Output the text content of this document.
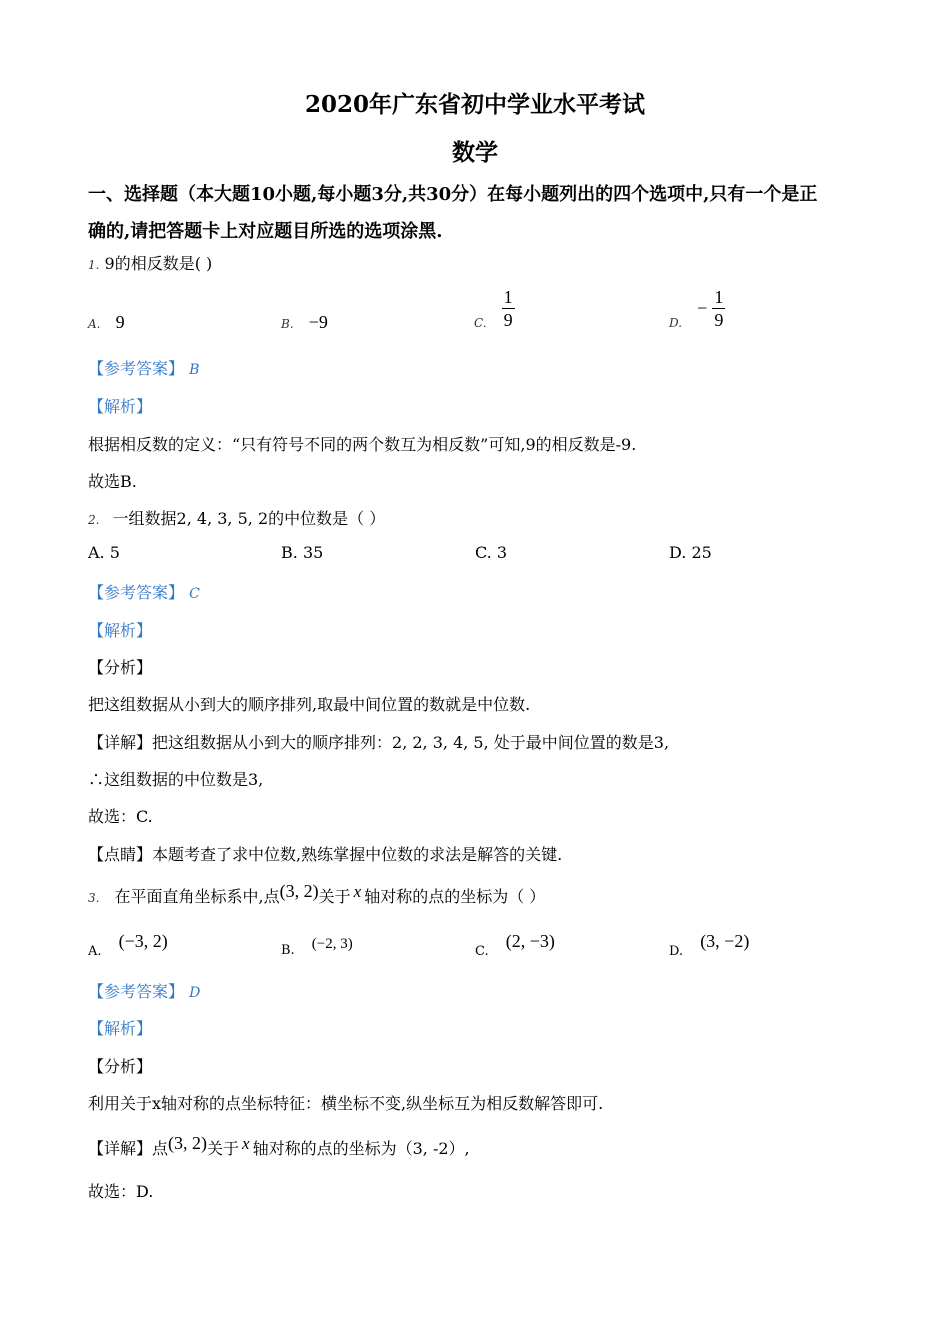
2020年广东省初中学业水平考试
数学
一、选择题（本大题10小题,每小题3分,共30分）在每小题列出的四个选项中,只有一个是正
确的,请把答题卡上对应题目所选的选项涂黑.
1. 9的相反数是( )
A. 9	B. −9	$_{C.} \frac{1}{9}$	$_{D.} - \frac{1}{9}$
【参考答案】 B
【解析】
根据相反数的定义：“只有符号不同的两个数互为相反数”可知,9的相反数是-9.
故选B.
2. 一组数据2, 4, 3, 5, 2的中位数是（ ）
A. 5	B. 35	C. 3	D. 25
【参考答案】 C
【解析】
【分析】
把这组数据从小到大的顺序排列,取最中间位置的数就是中位数.
【详解】把这组数据从小到大的顺序排列：2, 2, 3, 4, 5, 处于最中间位置的数是3,
∴这组数据的中位数是3,
故选：C.
【点睛】本题考查了求中位数,熟练掌握中位数的求法是解答的关键.
3. 在平面直角坐标系中,点(3, 2)关于 x 轴对称的点的坐标为（ ）
$_{A.}$ (−3, 2)	$_{B.}$ (−2, 3)	$_{C.}$ (2, −3)
$_{D.}$ (3, −2)
【参考答案】 D
【解析】
【分析】
利用关于x轴对称的点坐标特征：横坐标不变,纵坐标互为相反数解答即可.
【详解】点(3, 2)关于 x 轴对称的点的坐标为（3, -2）,
故选：D.
